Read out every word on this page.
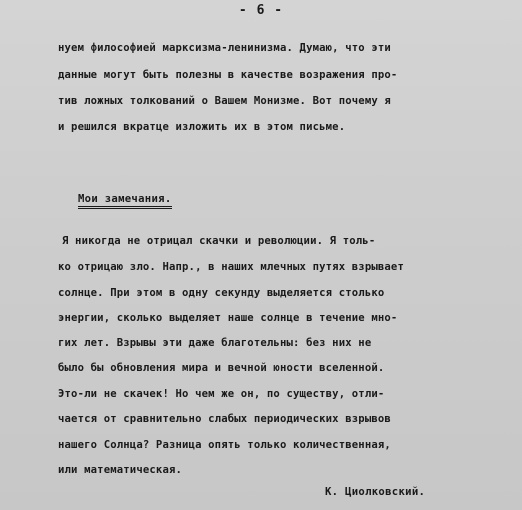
- 6 -
нуем философией марксизма-ленинизма. Думаю, что эти
данные могут быть полезны в качестве возражения про-
тив ложных толкований о Вашем Монизме. Вот почему я
и решился вкратце изложить их в этом письме.
Мои замечания.
Я никогда не отрицал скачки и революции. Я толь-
ко отрицаю зло. Напр., в наших млечных путях взрывает
солнце. При этом в одну секунду выделяется столько
энергии, сколько выделяет наше солнце в течение мно-
гих лет. Взрывы эти даже благотельны: без них не
было бы обновления мира и вечной юности вселенной.
Это-ли не скачек! Но чем же он, по существу, отли-
чается от сравнительно слабых периодических взрывов
нашего Солнца? Разница опять только количественная,
или математическая.
К. Циолковский.
